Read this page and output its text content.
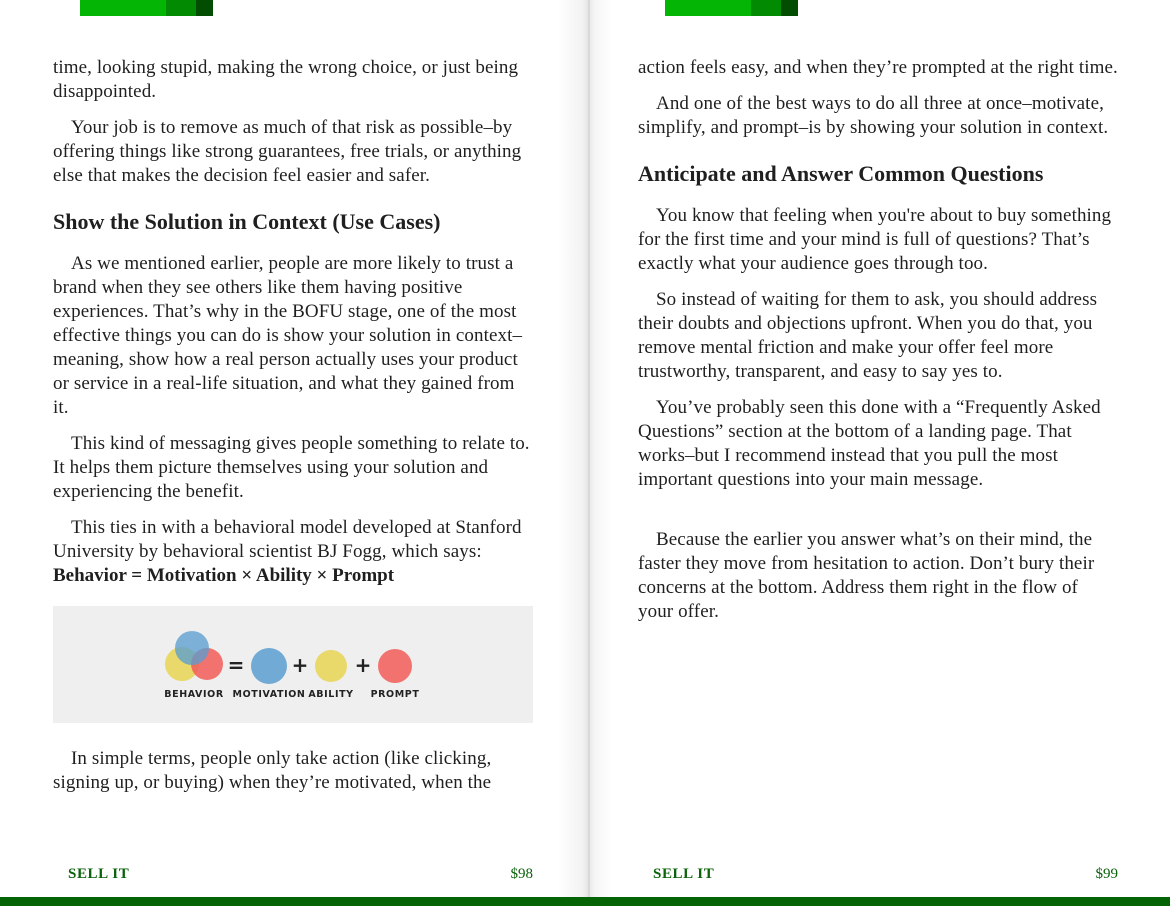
time, looking stupid, making the wrong choice, or just being disappointed.

Your job is to remove as much of that risk as possible–by offering things like strong guarantees, free trials, or anything else that makes the decision feel easier and safer.

Show the Solution in Context (Use Cases)

As we mentioned earlier, people are more likely to trust a brand when they see others like them having positive experiences. That’s why in the BOFU stage, one of the most effective things you can do is show your solution in context–meaning, show how a real person actually uses your product or service in a real-life situation, and what they gained from it.

This kind of messaging gives people something to relate to. It helps them picture themselves using your solution and experiencing the benefit.

This ties in with a behavioral model developed at Stanford University by behavioral scientist BJ Fogg, which says: Behavior = Motivation × Ability × Prompt

BEHAVIOR
=
MOTIVATION
+
ABILITY
+
PROMPT

In simple terms, people only take action (like clicking, signing up, or buying) when they’re motivated, when the

SELL IT	$98

action feels easy, and when they’re prompted at the right time.

And one of the best ways to do all three at once–motivate, simplify, and prompt–is by showing your solution in context.

Anticipate and Answer Common Questions

You know that feeling when you're about to buy something for the first time and your mind is full of questions? That’s exactly what your audience goes through too.

So instead of waiting for them to ask, you should address their doubts and objections upfront. When you do that, you remove mental friction and make your offer feel more trustworthy, transparent, and easy to say yes to.

You’ve probably seen this done with a “Frequently Asked Questions” section at the bottom of a landing page. That works–but I recommend instead that you pull the most important questions into your main message.

Because the earlier you answer what’s on their mind, the faster they move from hesitation to action. Don’t bury their concerns at the bottom. Address them right in the flow of your offer.

SELL IT	$99
